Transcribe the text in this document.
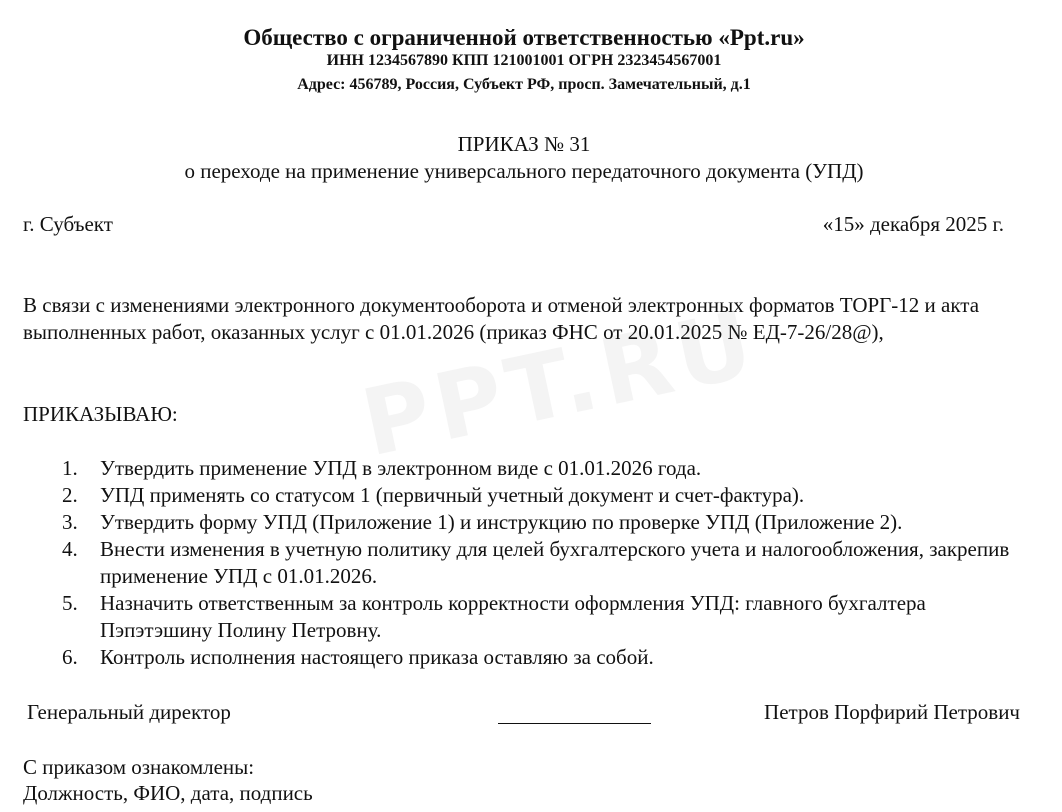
Общество с ограниченной ответственностью «Ppt.ru»
ИНН 1234567890 КПП 121001001 ОГРН 2323454567001
Адрес: 456789, Россия, Субъект РФ, просп. Замечательный, д.1
ПРИКАЗ № 31
о переходе на применение универсального передаточного документа (УПД)
г. Субъект	«15» декабря 2025 г.
В связи с изменениями электронного документооборота и отменой электронных форматов ТОРГ-12 и акта выполненных работ, оказанных услуг с 01.01.2026 (приказ ФНС от 20.01.2025 № ЕД-7-26/28@),
ПРИКАЗЫВАЮ:
1. Утвердить применение УПД в электронном виде с 01.01.2026 года.
2. УПД применять со статусом 1 (первичный учетный документ и счет-фактура).
3. Утвердить форму УПД (Приложение 1) и инструкцию по проверке УПД (Приложение 2).
4. Внести изменения в учетную политику для целей бухгалтерского учета и налогообложения, закрепив применение УПД с 01.01.2026.
5. Назначить ответственным за контроль корректности оформления УПД: главного бухгалтера Пэпэтэшину Полину Петровну.
6. Контроль исполнения настоящего приказа оставляю за собой.
Генеральный директор	Петров Порфирий Петрович
С приказом ознакомлены:
Должность, ФИО, дата, подпись
